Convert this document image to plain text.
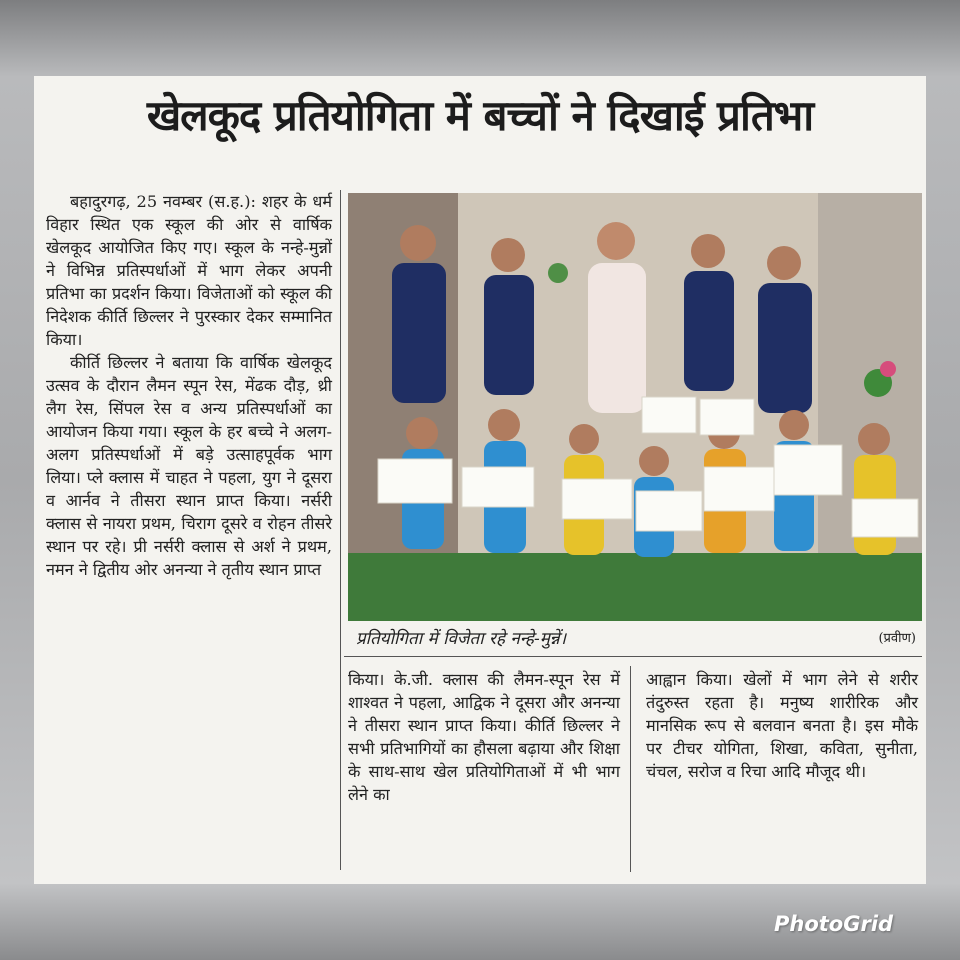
खेलकूद प्रतियोगिता में बच्चों ने दिखाई प्रतिभा

बहादुरगढ़, 25 नवम्बर (स.ह.): शहर के धर्म विहार स्थित एक स्कूल की ओर से वार्षिक खेलकूद आयोजित किए गए। स्कूल के नन्हे-मुन्नों ने विभिन्न प्रतिस्पर्धाओं में भाग लेकर अपनी प्रतिभा का प्रदर्शन किया। विजेताओं को स्कूल की निदेशक कीर्ति छिल्लर ने पुरस्कार देकर सम्मानित किया।

कीर्ति छिल्लर ने बताया कि वार्षिक खेलकूद उत्सव के दौरान लैमन स्पून रेस, मेंढक दौड़, थ्री लैग रेस, सिंपल रेस व अन्य प्रतिस्पर्धाओं का आयोजन किया गया। स्कूल के हर बच्चे ने अलग-अलग प्रतिस्पर्धाओं में बड़े उत्साहपूर्वक भाग लिया। प्ले क्लास में चाहत ने पहला, युग ने दूसरा व आर्नव ने तीसरा स्थान प्राप्त किया। नर्सरी क्लास से नायरा प्रथम, चिराग दूसरे व रोहन तीसरे स्थान पर रहे। प्री नर्सरी क्लास से अर्श ने प्रथम, नमन ने द्वितीय ओर अनन्या ने तृतीय स्थान प्राप्त

प्रतियोगिता में विजेता रहे नन्हे-मुन्नें।	(प्रवीण)

किया। के.जी. क्लास की लैमन-स्पून रेस में शाश्वत ने पहला, आद्विक ने दूसरा और अनन्या ने तीसरा स्थान प्राप्त किया। कीर्ति छिल्लर ने सभी प्रतिभागियों का हौसला बढ़ाया और शिक्षा के साथ-साथ खेल प्रतियोगिताओं में भी भाग लेने का

आह्वान किया। खेलों में भाग लेने से शरीर तंदुरुस्त रहता है। मनुष्य शारीरिक और मानसिक रूप से बलवान बनता है। इस मौके पर टीचर योगिता, शिखा, कविता, सुनीता, चंचल, सरोज व रिचा आदि मौजूद थी।

PhotoGrid
